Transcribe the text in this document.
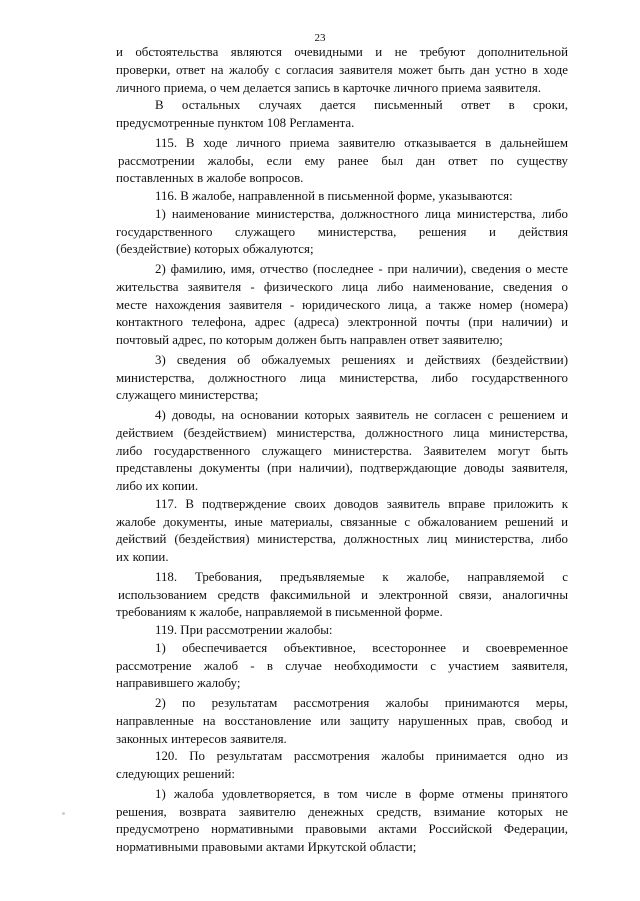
23
и обстоятельства являются очевидными и не требуют дополнительной
проверки, ответ на жалобу с согласия заявителя может быть дан устно в ходе
личного приема, о чем делается запись в карточке личного приема заявителя.
В остальных случаях дается письменный ответ в сроки,
предусмотренные пунктом 108 Регламента.
115. В ходе личного приема заявителю отказывается в дальнейшем
рассмотрении жалобы, если ему ранее был дан ответ по существу
поставленных в жалобе вопросов.
116. В жалобе, направленной в письменной форме, указываются:
1) наименование министерства, должностного лица министерства, либо
государственного служащего министерства, решения и действия
(бездействие) которых обжалуются;
2) фамилию, имя, отчество (последнее - при наличии), сведения о месте
жительства заявителя - физического лица либо наименование, сведения о
месте нахождения заявителя - юридического лица, а также номер (номера)
контактного телефона, адрес (адреса) электронной почты (при наличии) и
почтовый адрес, по которым должен быть направлен ответ заявителю;
3) сведения об обжалуемых решениях и действиях (бездействии)
министерства, должностного лица министерства, либо государственного
служащего министерства;
4) доводы, на основании которых заявитель не согласен с решением и
действием (бездействием) министерства, должностного лица министерства,
либо государственного служащего министерства. Заявителем могут быть
представлены документы (при наличии), подтверждающие доводы заявителя,
либо их копии.
117. В подтверждение своих доводов заявитель вправе приложить к
жалобе документы, иные материалы, связанные с обжалованием решений и
действий (бездействия) министерства, должностных лиц министерства, либо
их копии.
118. Требования, предъявляемые к жалобе, направляемой с
использованием средств факсимильной и электронной связи, аналогичны
требованиям к жалобе, направляемой в письменной форме.
119. При рассмотрении жалобы:
1) обеспечивается объективное, всестороннее и своевременное
рассмотрение жалоб - в случае необходимости с участием заявителя,
направившего жалобу;
2) по результатам рассмотрения жалобы принимаются меры,
направленные на восстановление или защиту нарушенных прав, свобод и
законных интересов заявителя.
120. По результатам рассмотрения жалобы принимается одно из
следующих решений:
1) жалоба удовлетворяется, в том числе в форме отмены принятого
решения, возврата заявителю денежных средств, взимание которых не
предусмотрено нормативными правовыми актами Российской Федерации,
нормативными правовыми актами Иркутской области;
